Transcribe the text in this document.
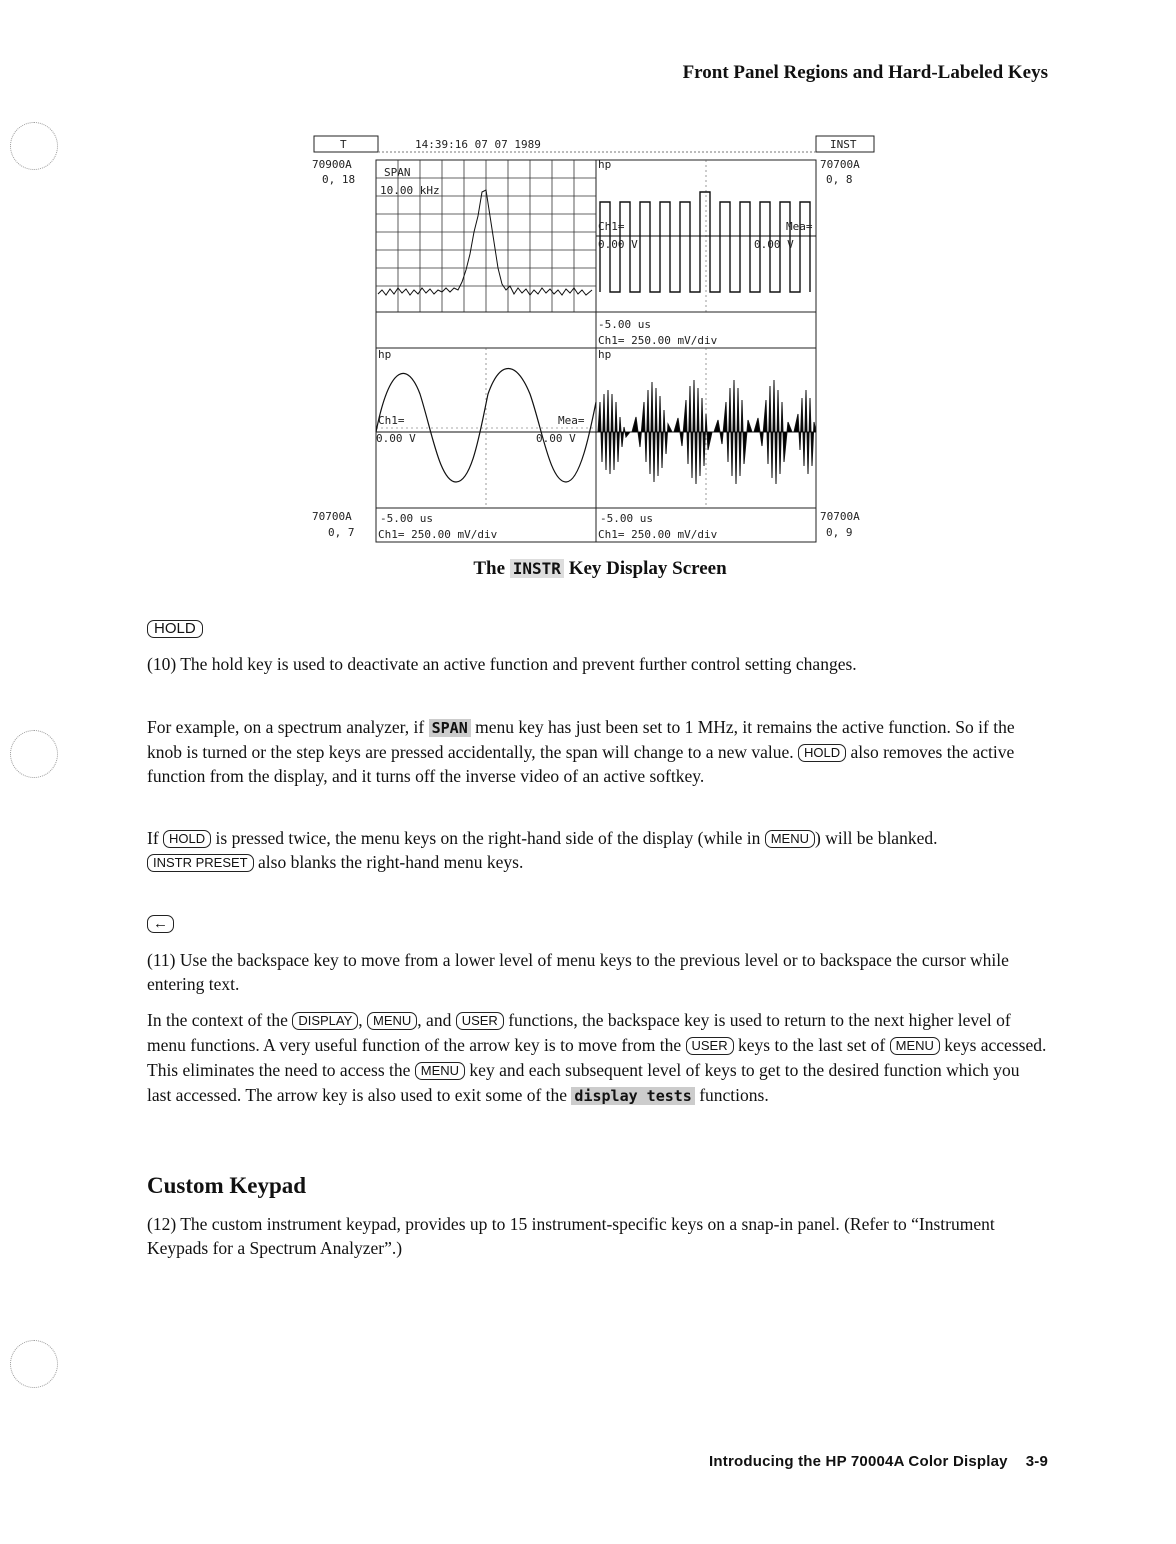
Front Panel Regions and Hard-Labeled Keys
T	INST
14:39:16 07 07 1989
70900A
0, 18
70700A
0, 8
70700A
0, 7
70700A
0, 9
SPAN
10.00 kHz
hp
Ch1=
0.00 V
Mea=
0.00 V
-5.00 us
Ch1= 250.00 mV/div
hp
Ch1=
0.00 V
Mea=
0.00 V
-5.00 us
Ch1= 250.00 mV/div
hp
-5.00 us
Ch1= 250.00 mV/div
The INSTR Key Display Screen
HOLD

(10) The hold key is used to deactivate an active function and prevent further control setting changes.

For example, on a spectrum analyzer, if SPAN menu key has just been set to 1 MHz, it remains the active function. So if the knob is turned or the step keys are pressed accidentally, the span will change to a new value. HOLD also removes the active function from the display, and it turns off the inverse video of an active softkey.

If HOLD is pressed twice, the menu keys on the right-hand side of the display (while in MENU ) will be blanked. INSTR PRESET also blanks the right-hand menu keys.

←

(11) Use the backspace key to move from a lower level of menu keys to the previous level or to backspace the cursor while entering text.

In the context of the DISPLAY , MENU , and USER functions, the backspace key is used to return to the next higher level of menu functions. A very useful function of the arrow key is to move from the USER keys to the last set of MENU keys accessed. This eliminates the need to access the MENU key and each subsequent level of keys to get to the desired function which you last accessed. The arrow key is also used to exit some of the display tests functions.

Custom Keypad

(12) The custom instrument keypad, provides up to 15 instrument-specific keys on a snap-in panel. (Refer to “Instrument Keypads for a Spectrum Analyzer”.)

Introducing the HP 70004A Color Display 3-9
